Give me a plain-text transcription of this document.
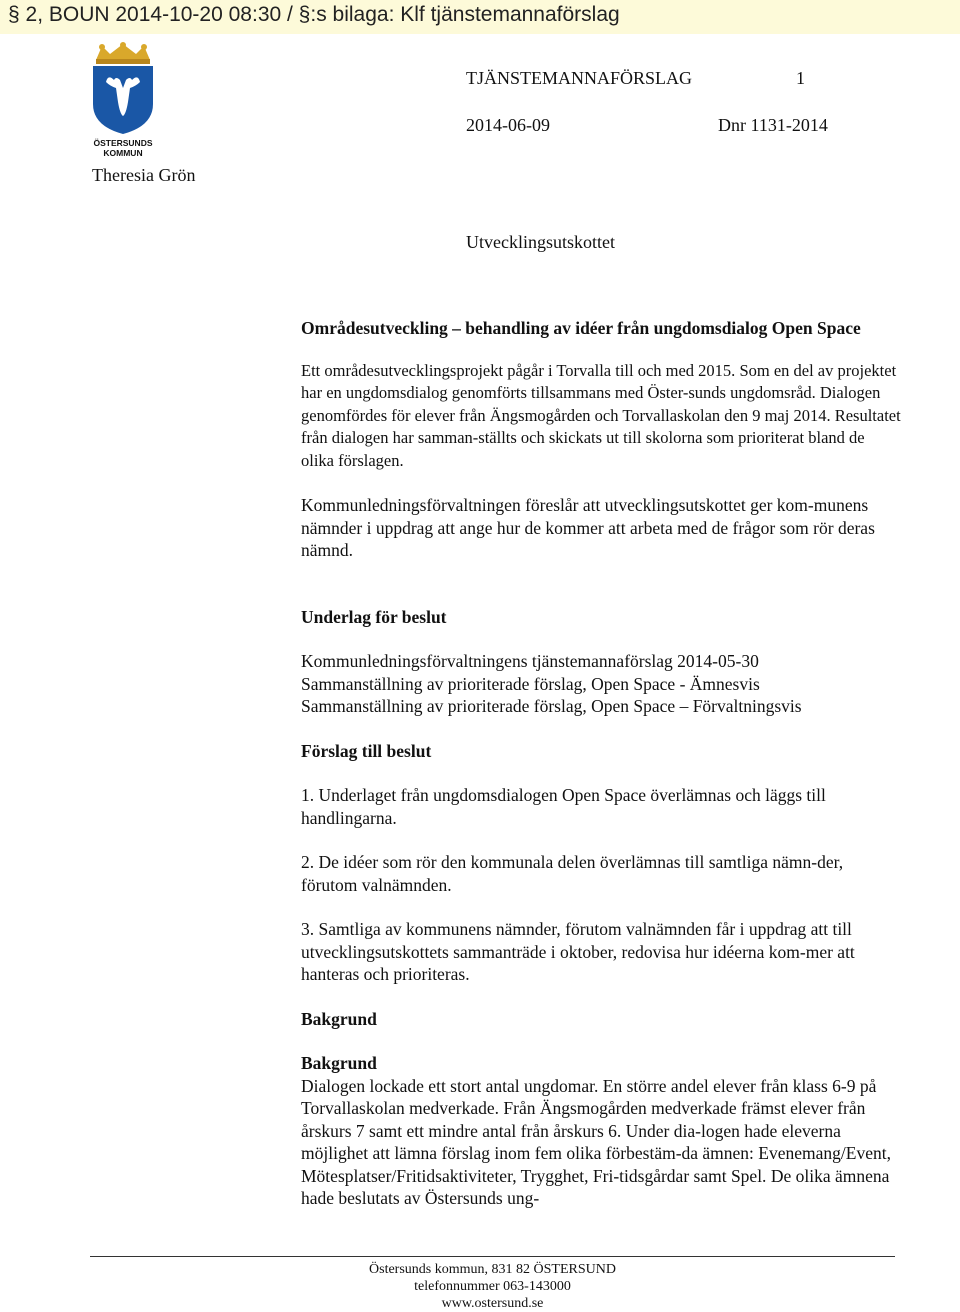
§ 2, BOUN 2014-10-20 08:30 / §:s bilaga: Klf tjänstemannaförslag
ÖSTERSUNDS
KOMMUN
Theresia Grön
TJÄNSTEMANNAFÖRSLAG	1
2014-06-09	Dnr 1131-2014
Utvecklingsutskottet
Områdesutveckling – behandling av idéer från ungdomsdialog Open Space

Ett områdesutvecklingsprojekt pågår i Torvalla till och med 2015. Som en del av projektet har en ungdomsdialog genomförts tillsammans med Öster-sunds ungdomsråd. Dialogen genomfördes för elever från Ängsmogården och Torvallaskolan den 9 maj 2014. Resultatet från dialogen har samman-ställts och skickats ut till skolorna som prioriterat bland de olika förslagen.

Kommunledningsförvaltningen föreslår att utvecklingsutskottet ger kom-munens nämnder i uppdrag att ange hur de kommer att arbeta med de frågor som rör deras nämnd.

Underlag för beslut
Kommunledningsförvaltningens tjänstemannaförslag 2014-05-30
Sammanställning av prioriterade förslag, Open Space - Ämnesvis
Sammanställning av prioriterade förslag, Open Space – Förvaltningsvis
Förslag till beslut

1. Underlaget från ungdomsdialogen Open Space överlämnas och läggs till handlingarna.

2. De idéer som rör den kommunala delen överlämnas till samtliga nämn-der, förutom valnämnden.

3. Samtliga av kommunens nämnder, förutom valnämnden får i uppdrag att till utvecklingsutskottets sammanträde i oktober, redovisa hur idéerna kom-mer att hanteras och prioriteras.

Bakgrund
Bakgrund

Dialogen lockade ett stort antal ungdomar. En större andel elever från klass 6-9 på Torvallaskolan medverkade. Från Ängsmogården medverkade främst elever från årskurs 7 samt ett mindre antal från årskurs 6. Under dia-logen hade eleverna möjlighet att lämna förslag inom fem olika förbestäm-da ämnen: Evenemang/Event, Mötesplatser/Fritidsaktiviteter, Trygghet, Fri-tidsgårdar samt Spel. De olika ämnena hade beslutats av Östersunds ung-

Östersunds kommun, 831 82 ÖSTERSUND
telefonnummer 063-143000
www.ostersund.se
